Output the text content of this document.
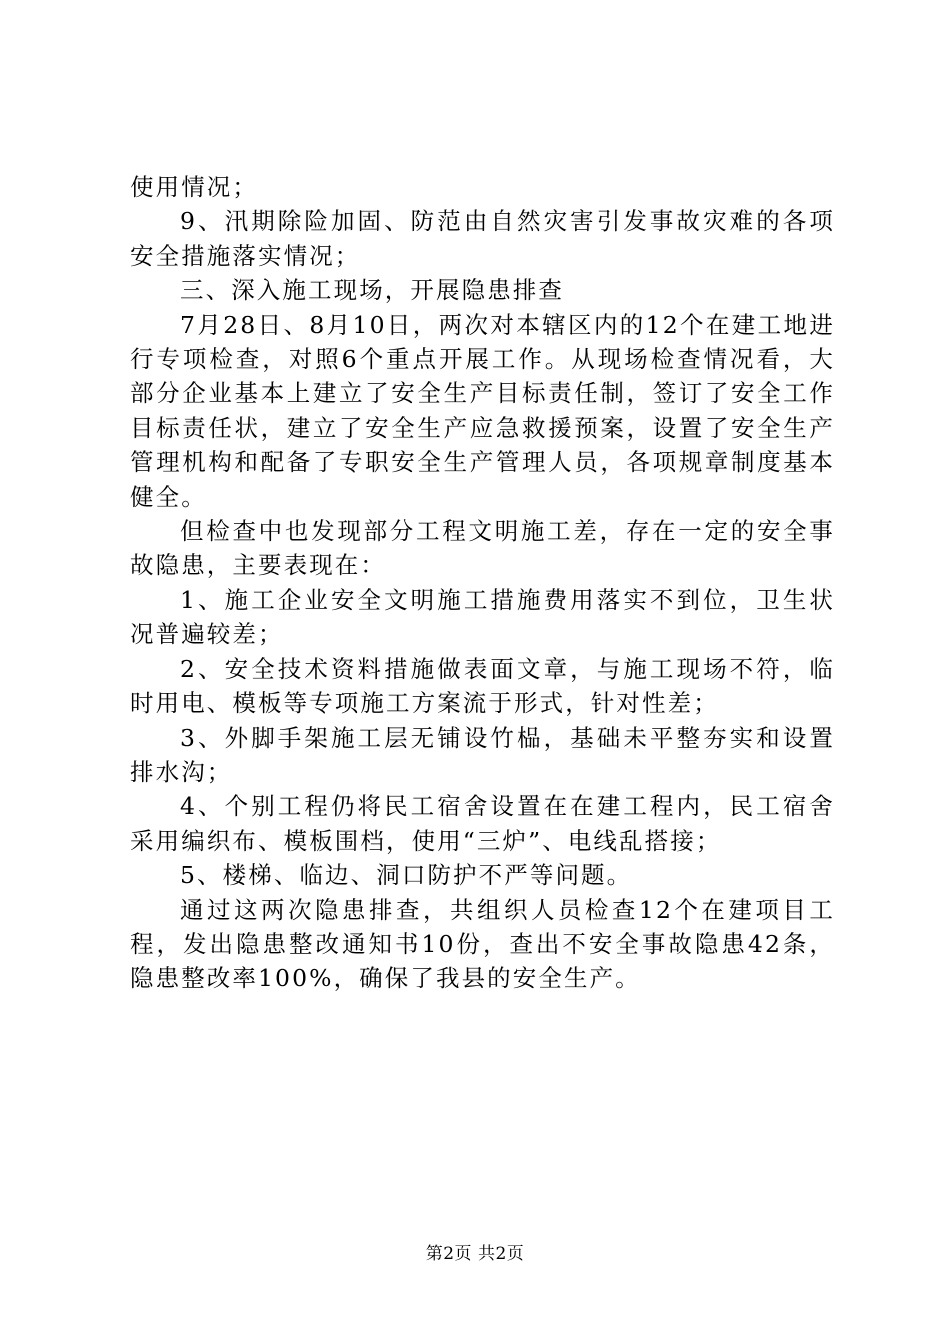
使用情况；

9、汛期除险加固、防范由自然灾害引发事故灾难的各项安全措施落实情况；

三、深入施工现场，开展隐患排查

7月28日、8月10日，两次对本辖区内的12个在建工地进行专项检查，对照6个重点开展工作。从现场检查情况看，大部分企业基本上建立了安全生产目标责任制，签订了安全工作目标责任状，建立了安全生产应急救援预案，设置了安全生产管理机构和配备了专职安全生产管理人员，各项规章制度基本健全。

但检查中也发现部分工程文明施工差，存在一定的安全事故隐患，主要表现在：

1、施工企业安全文明施工措施费用落实不到位，卫生状况普遍较差；

2、安全技术资料措施做表面文章，与施工现场不符，临时用电、模板等专项施工方案流于形式，针对性差；

3、外脚手架施工层无铺设竹榀，基础未平整夯实和设置排水沟；

4、个别工程仍将民工宿舍设置在在建工程内，民工宿舍采用编织布、模板围档，使用“三炉”、电线乱搭接；

5、楼梯、临边、洞口防护不严等问题。

通过这两次隐患排查，共组织人员检查12个在建项目工程，发出隐患整改通知书10份，查出不安全事故隐患42条，隐患整改率100%，确保了我县的安全生产。

第2页 共2页
